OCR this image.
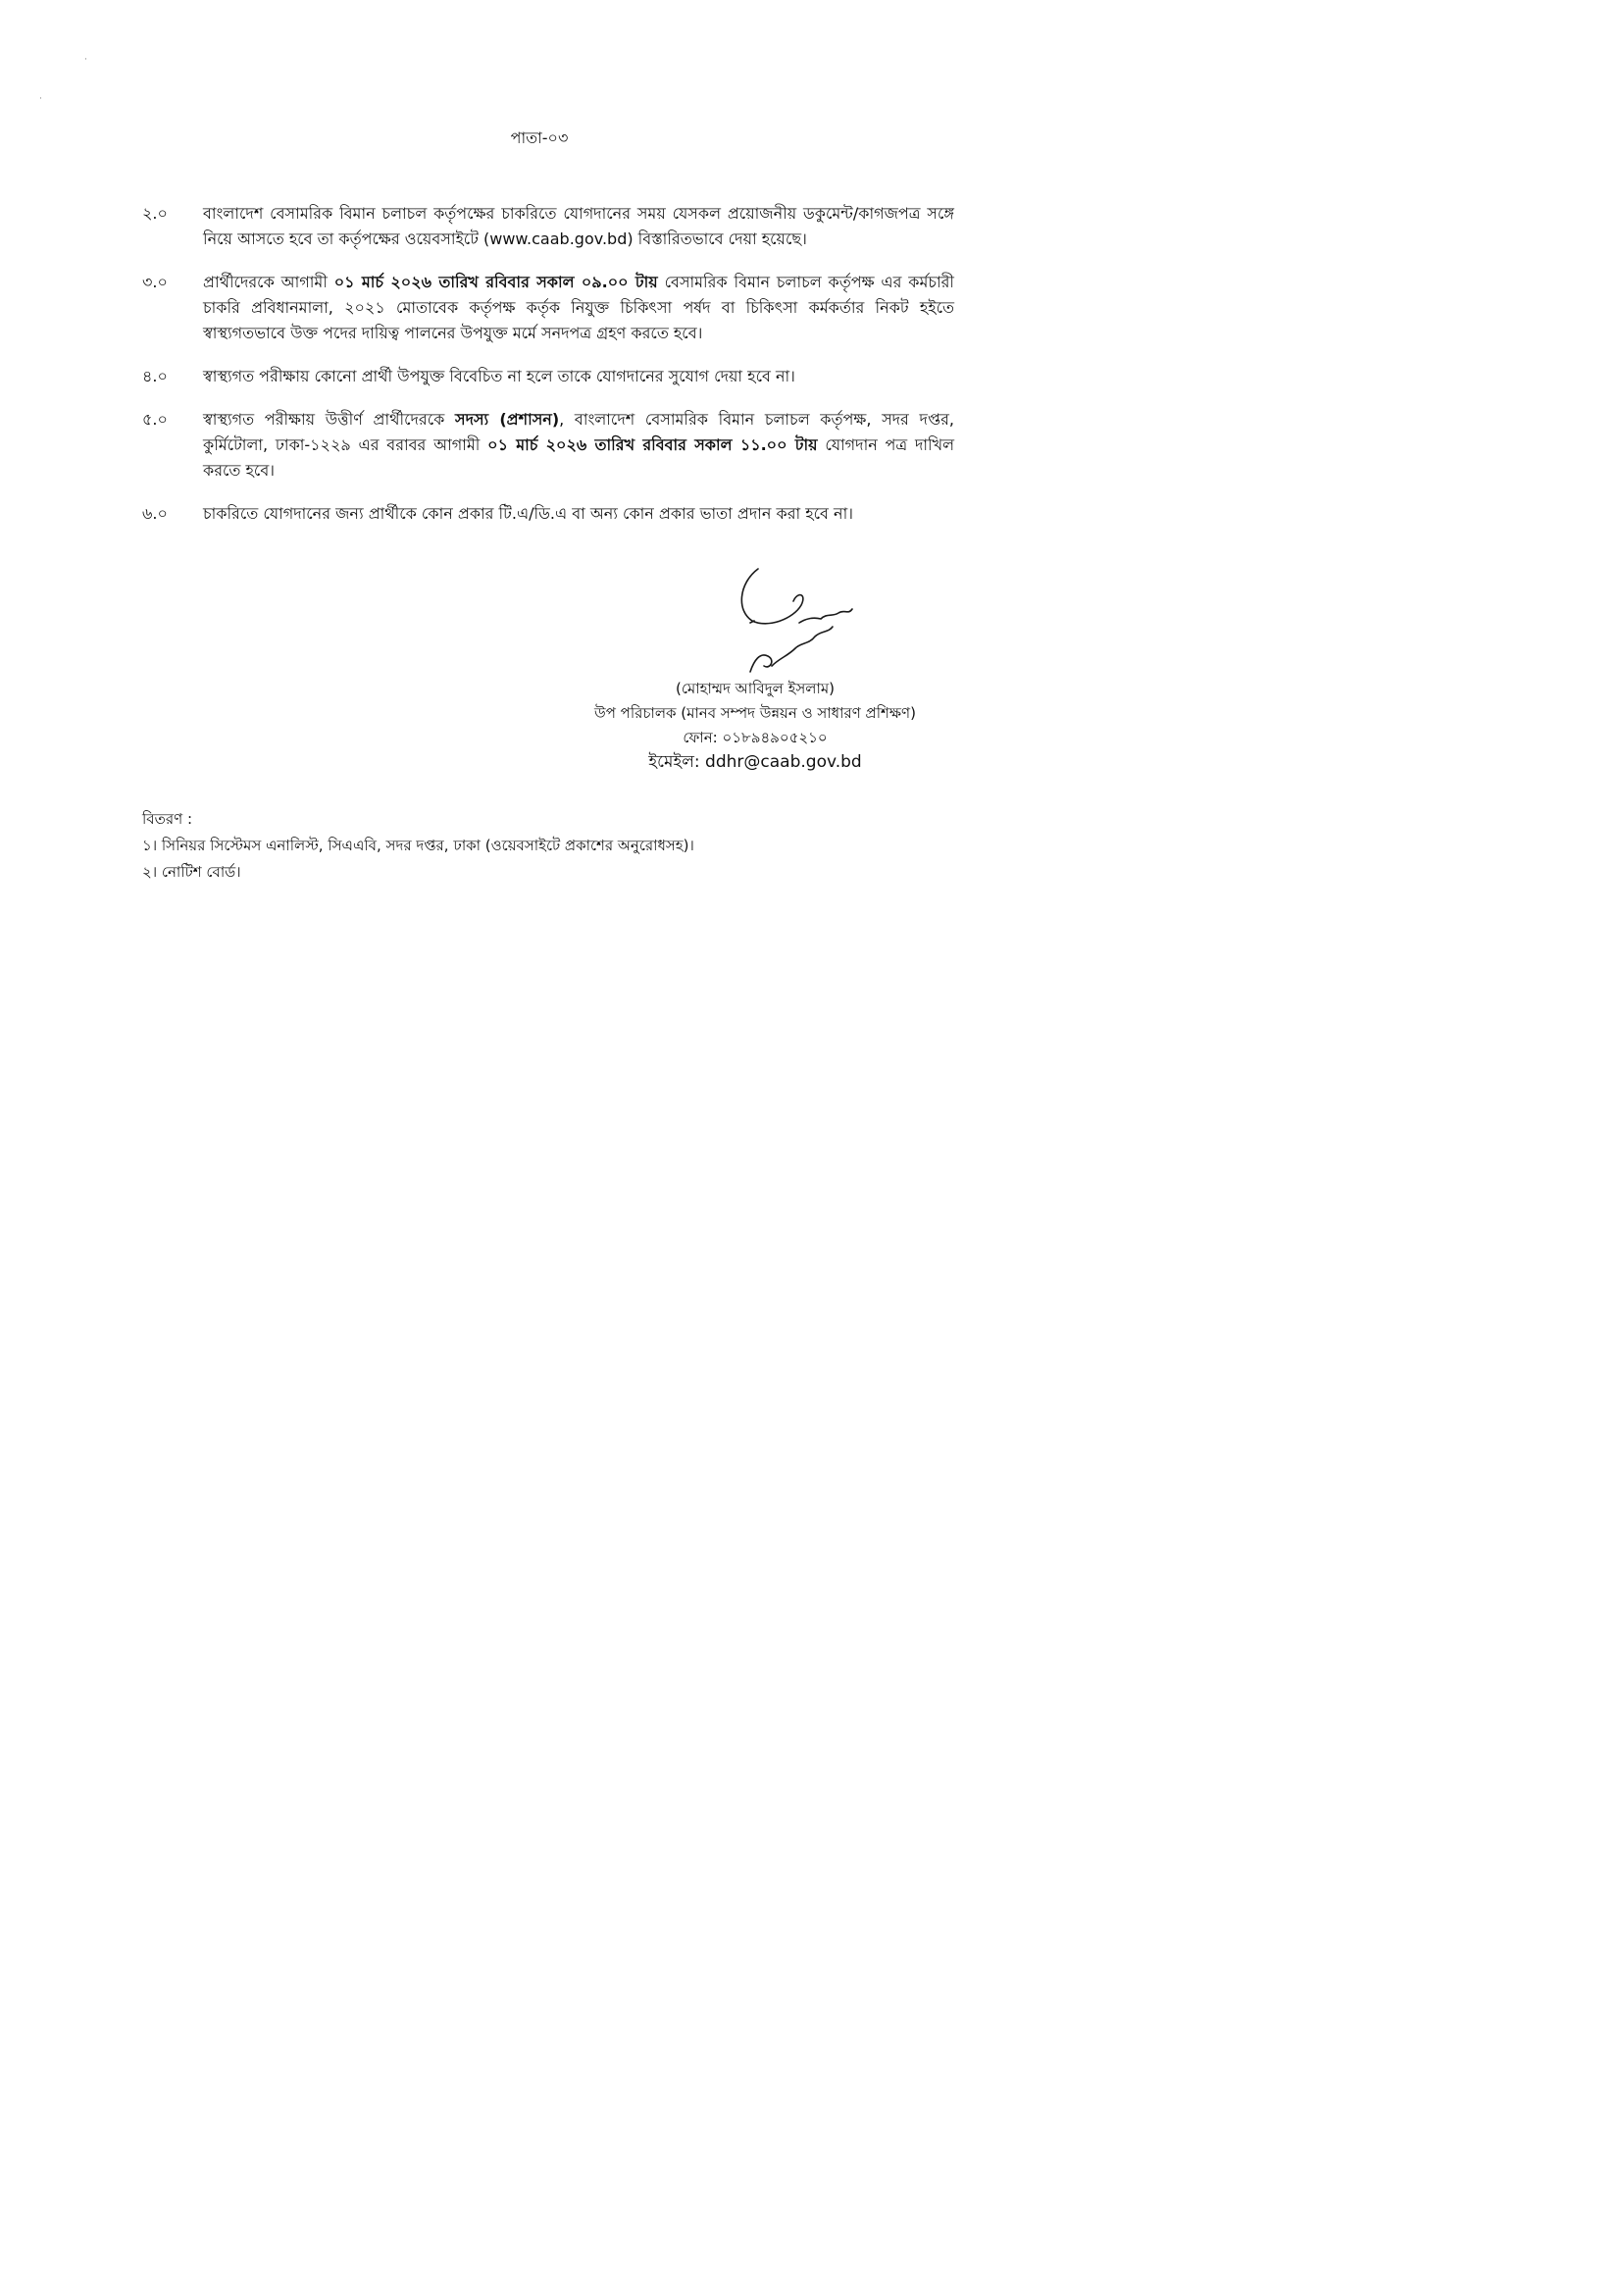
পাতা-০৩
২.০	বাংলাদেশ বেসামরিক বিমান চলাচল কর্তৃপক্ষের চাকরিতে যোগদানের সময় যেসকল প্রয়োজনীয় ডকুমেন্ট/কাগজপত্র সঙ্গে নিয়ে আসতে হবে তা কর্তৃপক্ষের ওয়েবসাইটে (www.caab.gov.bd) বিস্তারিতভাবে দেয়া হয়েছে।
৩.০	প্রার্থীদেরকে আগামী ০১ মার্চ ২০২৬ তারিখ রবিবার সকাল ০৯.০০ টায় বেসামরিক বিমান চলাচল কর্তৃপক্ষ এর কর্মচারী চাকরি প্রবিধানমালা, ২০২১ মোতাবেক কর্তৃপক্ষ কর্তৃক নিযুক্ত চিকিৎসা পর্ষদ বা চিকিৎসা কর্মকর্তার নিকট হইতে স্বাস্থ্যগতভাবে উক্ত পদের দায়িত্ব পালনের উপযুক্ত মর্মে সনদপত্র গ্রহণ করতে হবে।
৪.০	স্বাস্থ্যগত পরীক্ষায় কোনো প্রার্থী উপযুক্ত বিবেচিত না হলে তাকে যোগদানের সুযোগ দেয়া হবে না।
৫.০	স্বাস্থ্যগত পরীক্ষায় উত্তীর্ণ প্রার্থীদেরকে সদস্য (প্রশাসন), বাংলাদেশ বেসামরিক বিমান চলাচল কর্তৃপক্ষ, সদর দপ্তর, কুর্মিটোলা, ঢাকা-১২২৯ এর বরাবর আগামী ০১ মার্চ ২০২৬ তারিখ রবিবার সকাল ১১.০০ টায় যোগদান পত্র দাখিল করতে হবে।
৬.০	চাকরিতে যোগদানের জন্য প্রার্থীকে কোন প্রকার টি.এ/ডি.এ বা অন্য কোন প্রকার ভাতা প্রদান করা হবে না।
(মোহাম্মদ আবিদুল ইসলাম)
উপ পরিচালক (মানব সম্পদ উন্নয়ন ও সাধারণ প্রশিক্ষণ)
ফোন: ০১৮৯৪৯০৫২১০
ইমেইল: ddhr@caab.gov.bd
বিতরণ :
১। সিনিয়র সিস্টেমস এনালিস্ট, সিএএবি, সদর দপ্তর, ঢাকা (ওয়েবসাইটে প্রকাশের অনুরোধসহ)।
২। নোটিশ বোর্ড।
·
·
